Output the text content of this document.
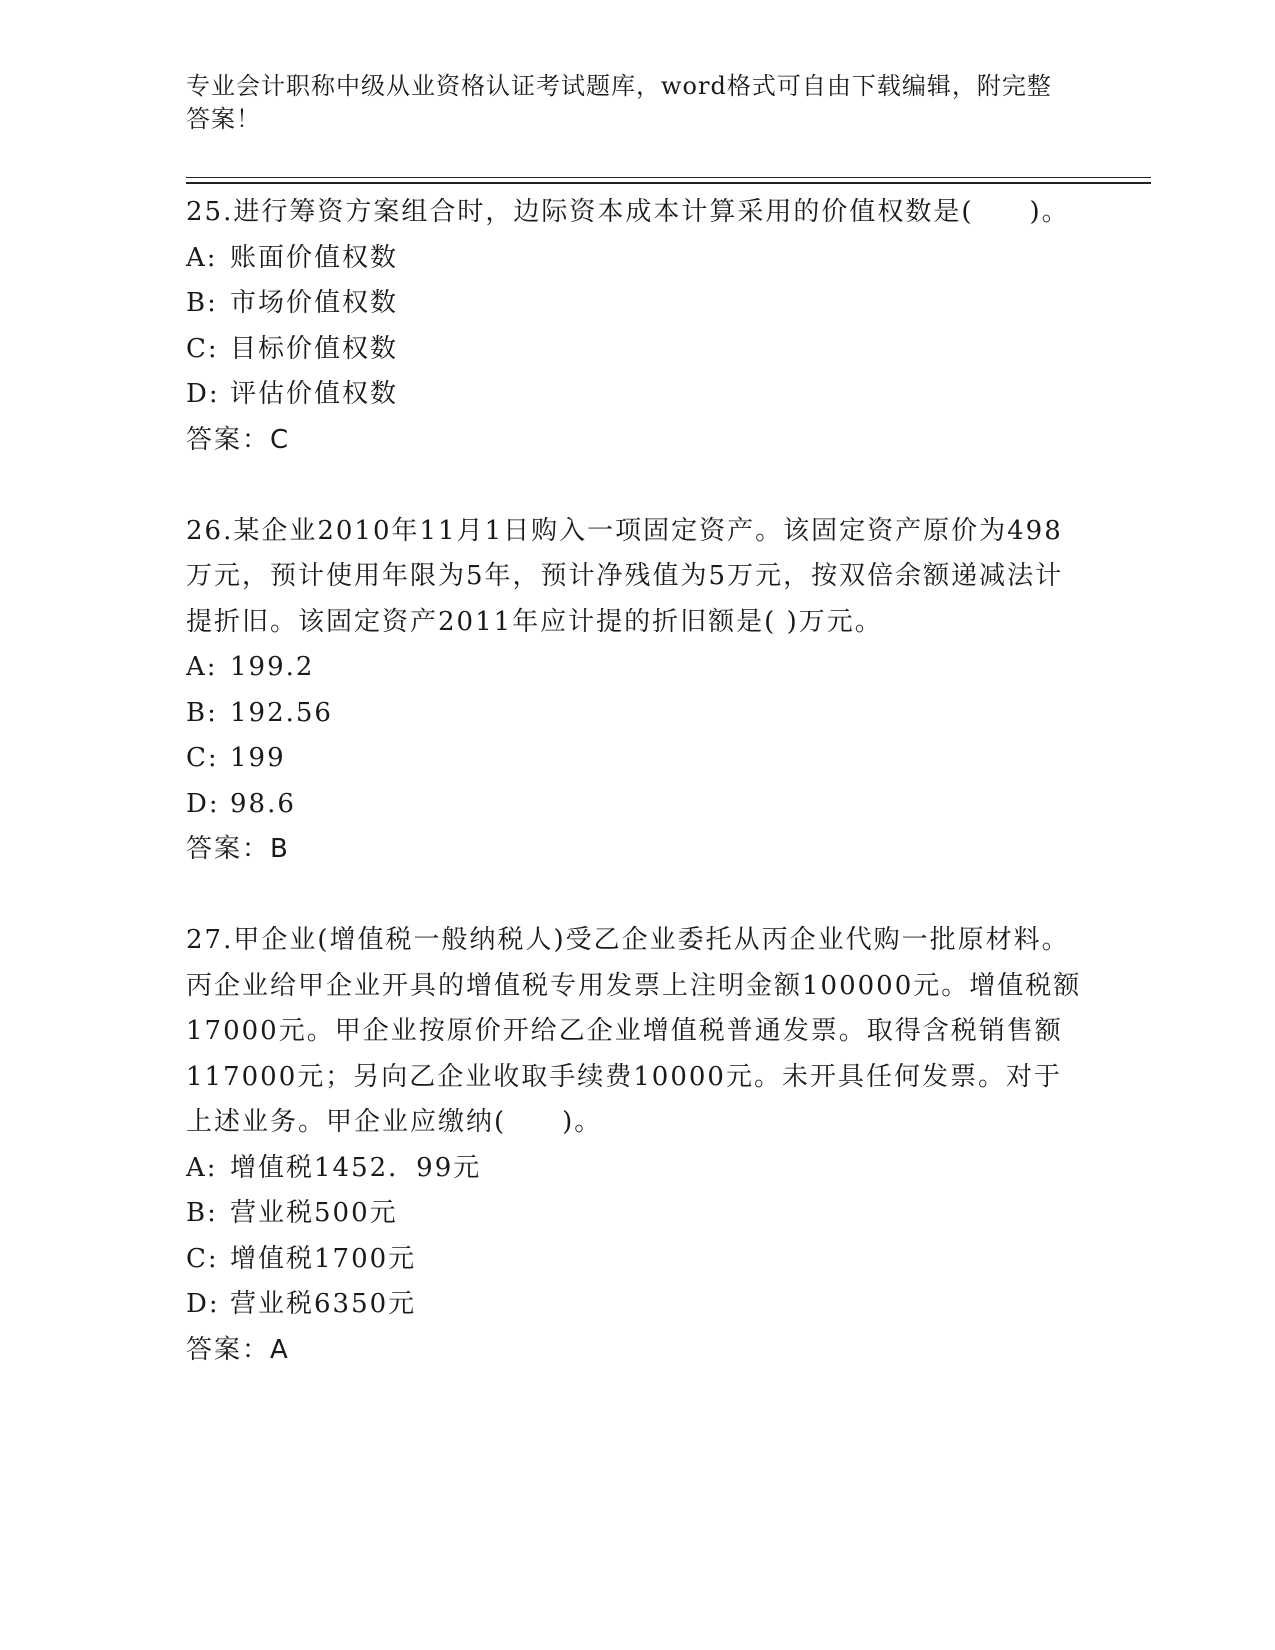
专业会计职称中级从业资格认证考试题库，word格式可自由下载编辑，附完整答案！
25.进行筹资方案组合时，边际资本成本计算采用的价值权数是(　　)。
A: 账面价值权数
B: 市场价值权数
C: 目标价值权数
D: 评估价值权数
答案：C
26.某企业2010年11月1日购入一项固定资产。该固定资产原价为498万元，预计使用年限为5年，预计净残值为5万元，按双倍余额递减法计提折旧。该固定资产2011年应计提的折旧额是( )万元。
A: 199.2
B: 192.56
C: 199
D: 98.6
答案：B
27.甲企业(增值税一般纳税人)受乙企业委托从丙企业代购一批原材料。丙企业给甲企业开具的增值税专用发票上注明金额100000元。增值税额17000元。甲企业按原价开给乙企业增值税普通发票。取得含税销售额117000元；另向乙企业收取手续费10000元。未开具任何发票。对于上述业务。甲企业应缴纳(　　)。
A: 增值税1452．99元
B: 营业税500元
C: 增值税1700元
D: 营业税6350元
答案：A
